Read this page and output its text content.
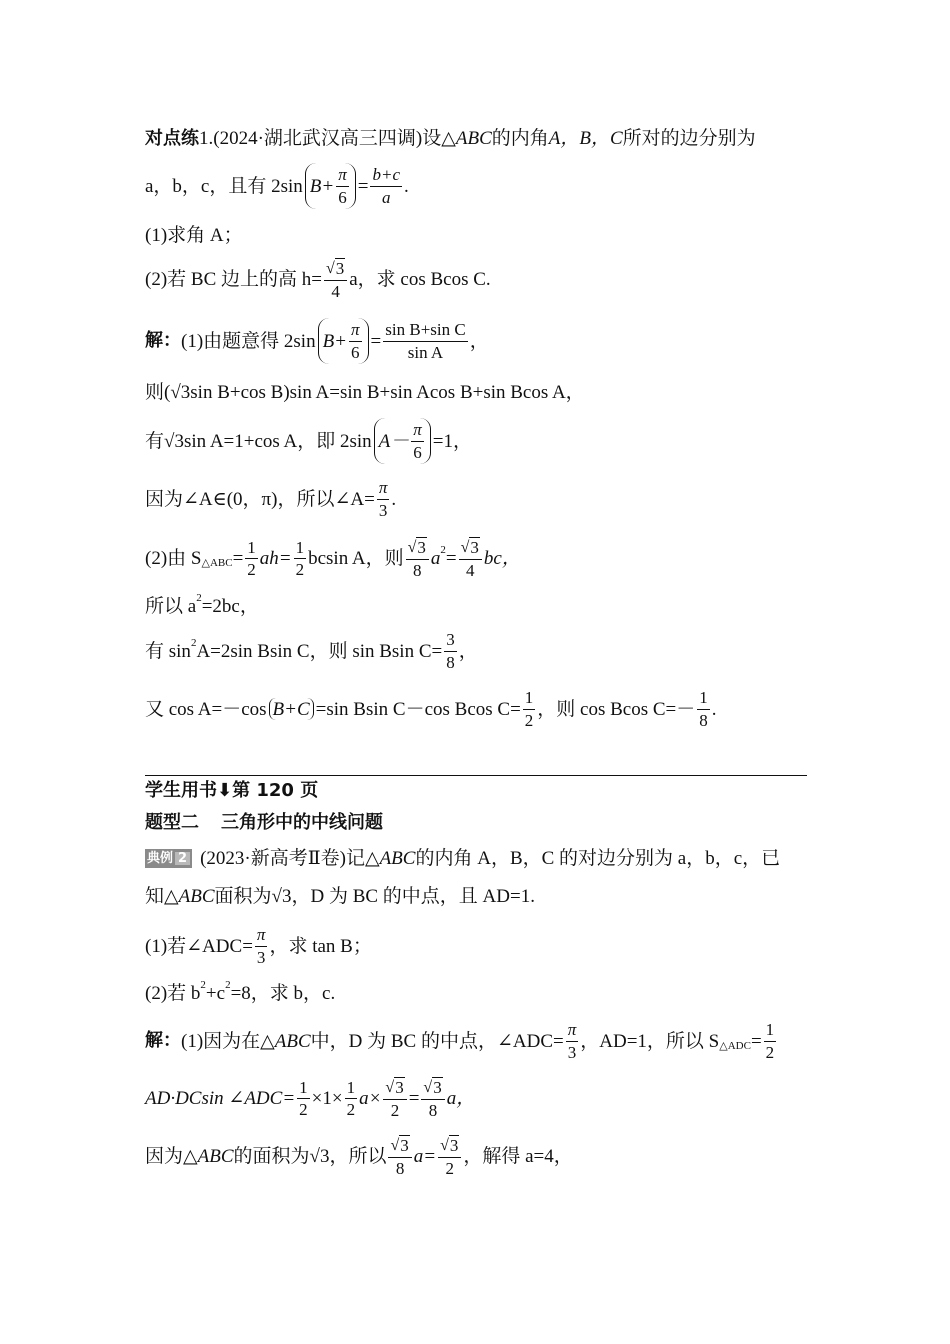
对点练 1.(2024·湖北武汉高三四调) 设 △ABC 的内角 A，B，C 所对的边分别为
a，b，c，且有 2sin $B+ \frac{\pi}{6} = \frac{b+c}{a}$ .
(1)求角 A；
(2)若 BC 边上的高 $h= \frac{√ 3}{4}$ a，求 cos Bcos C.
解： (1)由题意得 2sin $B+ \frac{\pi}{6} = \frac{\text{sin B+sin C}}{\text{sin A}}$ ，
则( √ 3sin B+cos B)sin A=sin B+sin Acos B+sin Bcos A，
有 √ 3sin A=1+cos A，即 2sin $A- \frac{\pi}{6} =1$，
因为∠A∈(0，π)，所以∠A= $\frac{\pi}{3}$ .
(2)由 S △ABC = $\frac{1}{2} ah= \frac{1}{2}$ bcsin A，则 $\frac{√ 3}{8}$ a $2 = \frac{√ 3}{4}$ bc，
所以 a 2 =2bc，
有 sin 2 A=2sin Bsin C，则 sin Bsin $C= \frac{3}{8}$ ，
又 cos A=－cos B+C =sin Bsin C－cos Bcos $C= \frac{1}{2}$ ，则 cos Bcos $C=- \frac{1}{8}$ .
学生用书⬇第 120 页
题型二 三角形中的中线问题
典例 2 (2023·新高考Ⅱ卷)记 △ABC 的内角 A，B，C 的对边分别为 a，b，c，已
知 △ABC 面积为 √ 3，D 为 BC 的中点，且 AD=1.
(1)若∠ADC= $\frac{\pi}{3}$ ，求 tan B；
(2)若 b 2 +c 2 =8，求 b，c.
解： (1)因为在 △ABC 中，D 为 BC 的中点，∠ADC= $\frac{\pi}{3}$ ，AD=1，所以 S △ADC = $\frac{1}{2}$
AD·DCsin ∠ADC= $\frac{1}{2} \times 1\times \frac{1}{2} a\times \frac{√ 3}{2} = \frac{√ 3}{8}$ a，
因为 △ABC 的面积为 √ 3，所以 $\frac{√ 3}{8} a= \frac{√ 3}{2}$ ，解得 a=4，
